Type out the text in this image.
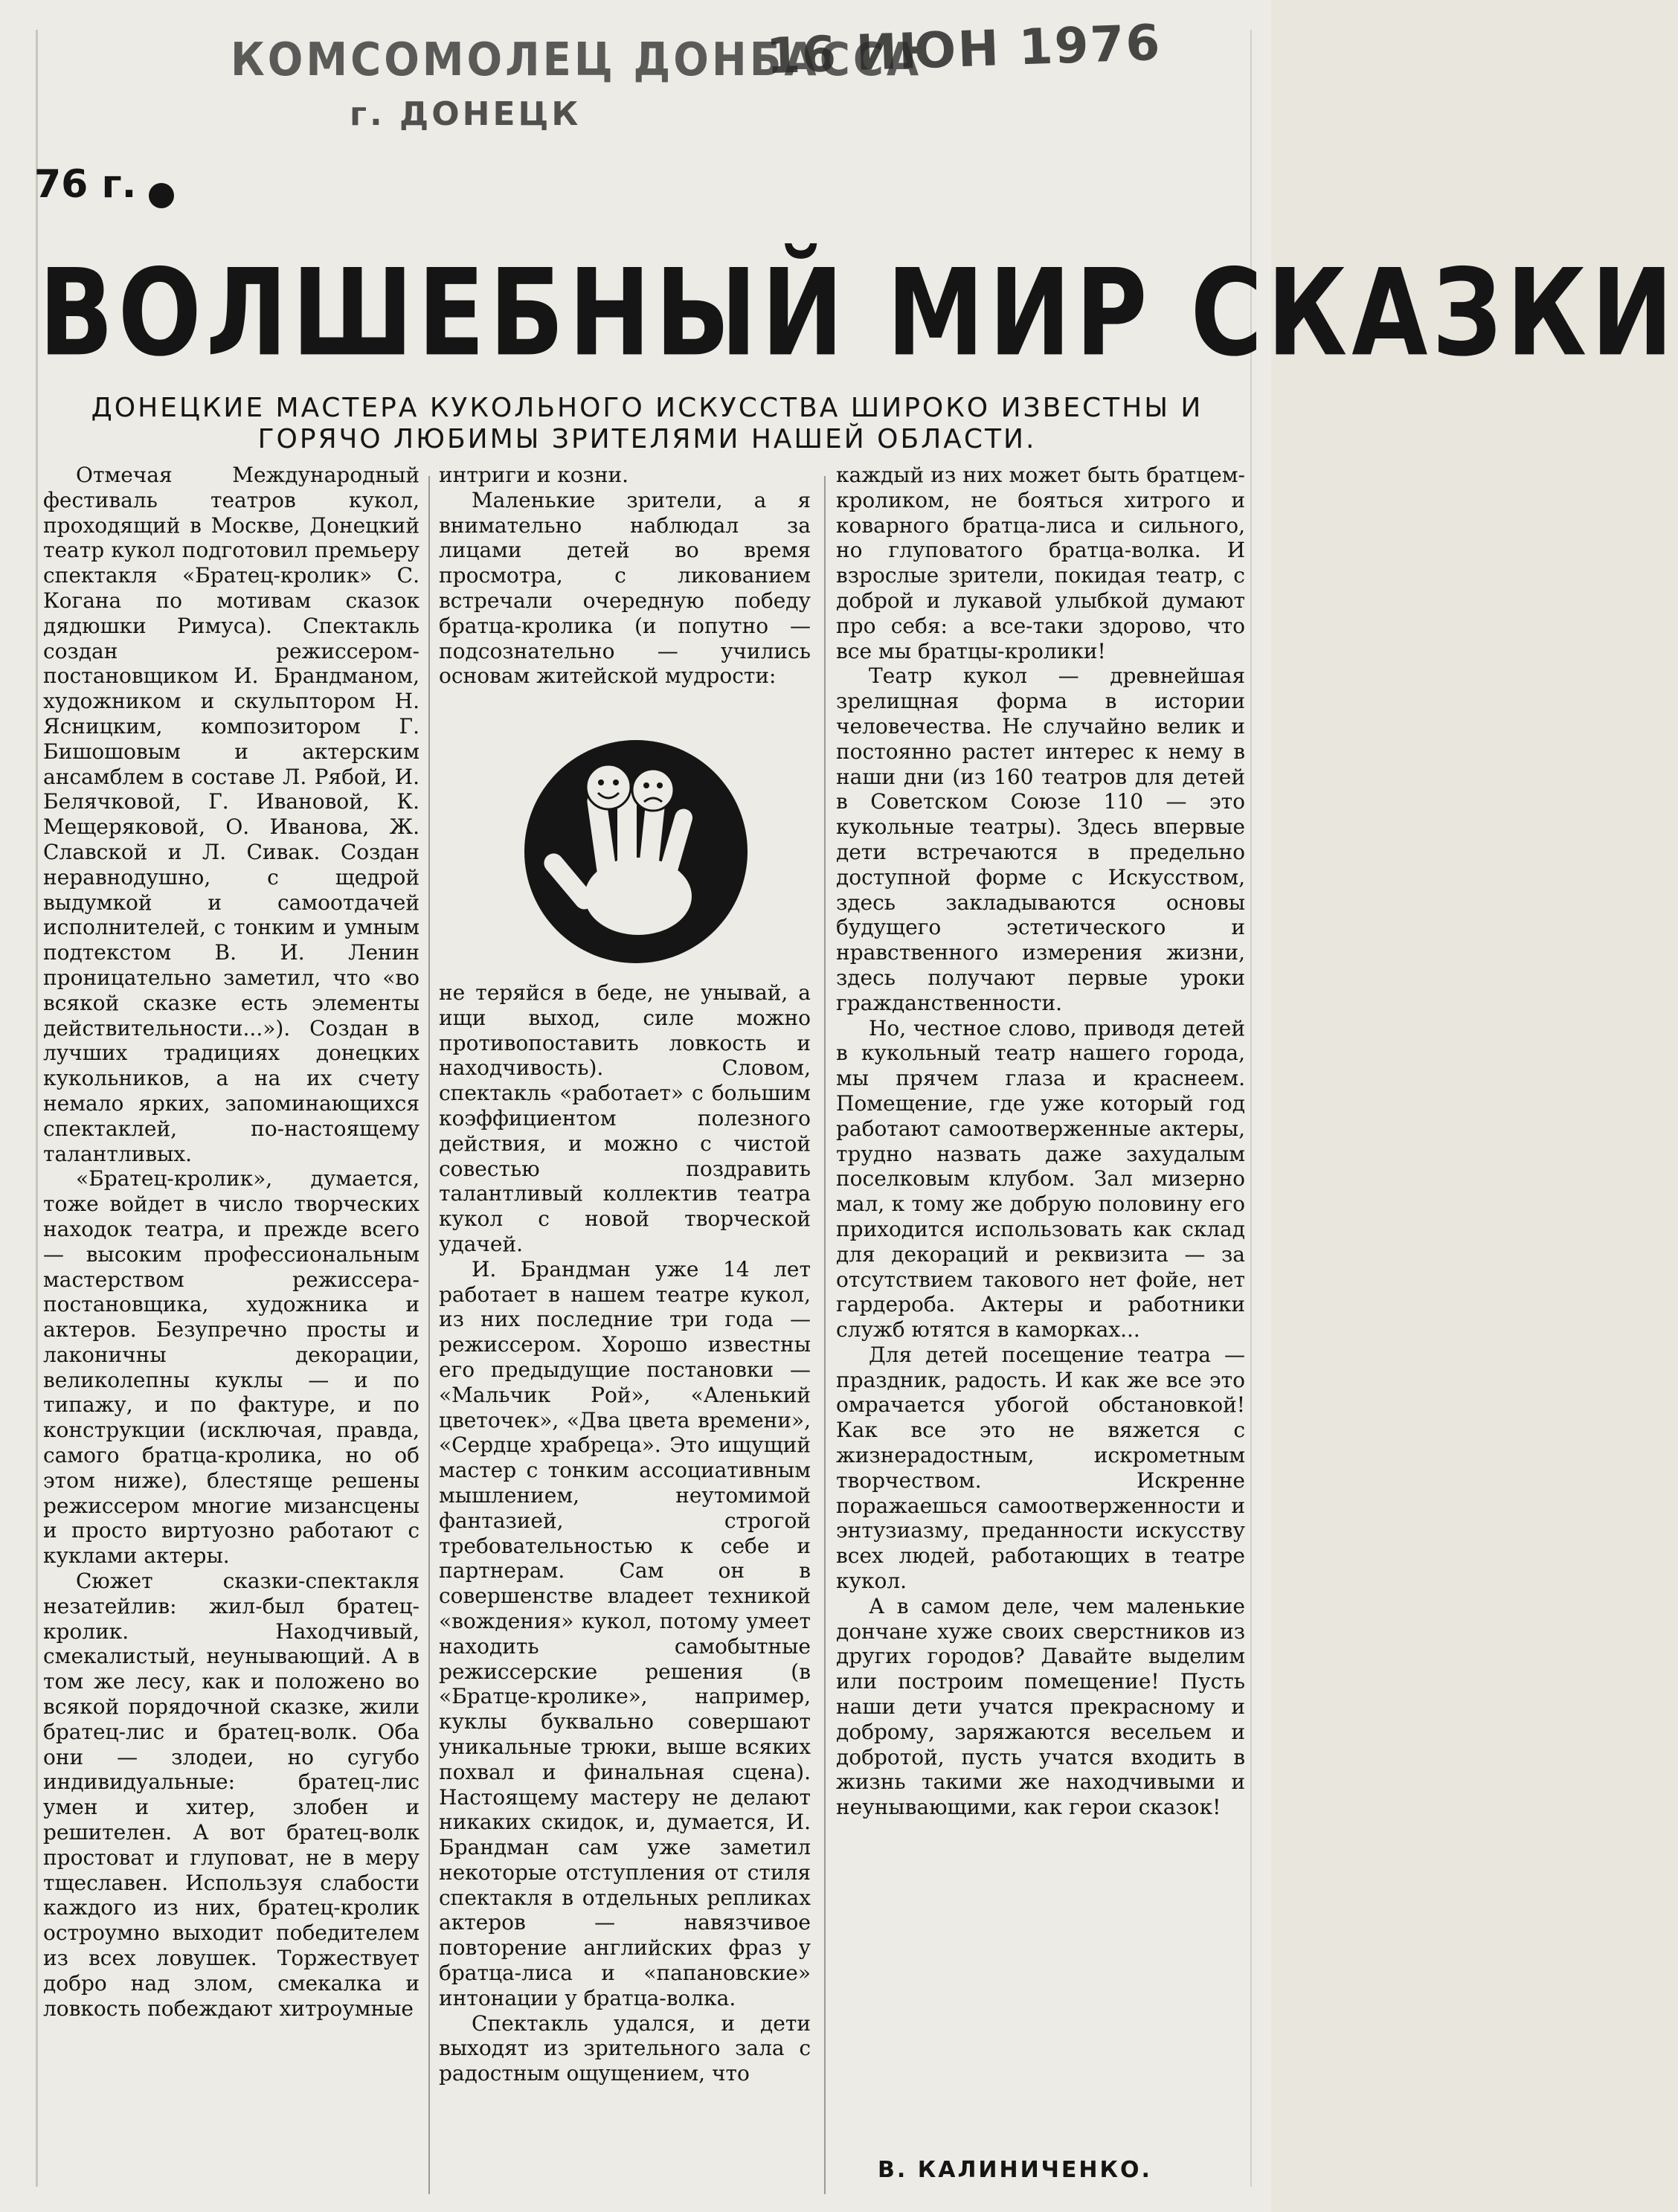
КОМСОМОЛЕЦ ДОНБАССА
г. ДОНЕЦК
16 ИЮН 1976
76 г.
ВОЛШЕБНЫЙ МИР СКАЗКИ
ДОНЕЦКИЕ МАСТЕРА КУКОЛЬНОГО ИСКУССТВА ШИРОКО ИЗВЕСТНЫ И
ГОРЯЧО ЛЮБИМЫ ЗРИТЕЛЯМИ НАШЕЙ ОБЛАСТИ.

Отмечая Международный фестиваль театров кукол, проходящий в Москве, Донецкий театр кукол подготовил премьеру спектакля «Братец-кролик» С. Когана по мотивам сказок дядюшки Римуса). Спектакль создан режиссером-постановщиком И. Брандманом, художником и скульптором Н. Ясницким, композитором Г. Бишошовым и актерским ансамблем в составе Л. Рябой, И. Белячковой, Г. Ивановой, К. Мещеряковой, О. Иванова, Ж. Славской и Л. Сивак. Создан неравнодушно, с щедрой выдумкой и самоотдачей исполнителей, с тонким и умным подтекстом В. И. Ленин проницательно заметил, что «во всякой сказке есть элементы действительности...»). Создан в лучших традициях донецких кукольников, а на их счету немало ярких, запоминающихся спектаклей, по-настоящему талантливых.

«Братец-кролик», думается, тоже войдет в число творческих находок театра, и прежде всего — высоким профессиональным мастерством режиссера-постановщика, художника и актеров. Безупречно просты и лаконичны декорации, великолепны куклы — и по типажу, и по фактуре, и по конструкции (исключая, правда, самого братца-кролика, но об этом ниже), блестяще решены режиссером многие мизансцены и просто виртуозно работают с куклами актеры.

Сюжет сказки-спектакля незатейлив: жил-был братец-кролик. Находчивый, смекалистый, неунывающий. А в том же лесу, как и положено во всякой порядочной сказке, жили братец-лис и братец-волк. Оба они — злодеи, но сугубо индивидуальные: братец-лис умен и хитер, злобен и решителен. А вот братец-волк простоват и глуповат, не в меру тщеславен. Используя слабости каждого из них, братец-кролик остроумно выходит победителем из всех ловушек. Торжествует добро над злом, смекалка и ловкость побеждают хитроумные

интриги и козни.

Маленькие зрители, а я внимательно наблюдал за лицами детей во время просмотра, с ликованием встречали очередную победу братца-кролика (и попутно — подсознательно — учились основам житейской мудрости:

не теряйся в беде, не унывай, а ищи выход, силе можно противопоставить ловкость и находчивость). Словом, спектакль «работает» с большим коэффициентом полезного действия, и можно с чистой совестью поздравить талантливый коллектив театра кукол с новой творческой удачей.

И. Брандман уже 14 лет работает в нашем театре кукол, из них последние три года — режиссером. Хорошо известны его предыдущие постановки — «Мальчик Рой», «Аленький цветочек», «Два цвета времени», «Сердце храбреца». Это ищущий мастер с тонким ассоциативным мышлением, неутомимой фантазией, строгой требовательностью к себе и партнерам. Сам он в совершенстве владеет техникой «вождения» кукол, потому умеет находить самобытные режиссерские решения (в «Братце-кролике», например, куклы буквально совершают уникальные трюки, выше всяких похвал и финальная сцена). Настоящему мастеру не делают никаких скидок, и, думается, И. Брандман сам уже заметил некоторые отступления от стиля спектакля в отдельных репликах актеров — навязчивое повторение английских фраз у братца-лиса и «папановские» интонации у братца-волка.

Спектакль удался, и дети выходят из зрительного зала с радостным ощущением, что

каждый из них может быть братцем-кроликом, не бояться хитрого и коварного братца-лиса и сильного, но глуповатого братца-волка. И взрослые зрители, покидая театр, с доброй и лукавой улыбкой думают про себя: а все-таки здорово, что все мы братцы-кролики!

Театр кукол — древнейшая зрелищная форма в истории человечества. Не случайно велик и постоянно растет интерес к нему в наши дни (из 160 театров для детей в Советском Союзе 110 — это кукольные театры). Здесь впервые дети встречаются в предельно доступной форме с Искусством, здесь закладываются основы будущего эстетического и нравственного измерения жизни, здесь получают первые уроки гражданственности.

Но, честное слово, приводя детей в кукольный театр нашего города, мы прячем глаза и краснеем. Помещение, где уже который год работают самоотверженные актеры, трудно назвать даже захудалым поселковым клубом. Зал мизерно мал, к тому же добрую половину его приходится использовать как склад для декораций и реквизита — за отсутствием такового нет фойе, нет гардероба. Актеры и работники служб ютятся в каморках...

Для детей посещение театра — праздник, радость. И как же все это омрачается убогой обстановкой! Как все это не вяжется с жизнерадостным, искрометным творчеством. Искренне поражаешься самоотверженности и энтузиазму, преданности искусству всех людей, работающих в театре кукол.

А в самом деле, чем маленькие дончане хуже своих сверстников из других городов? Давайте выделим или построим помещение! Пусть наши дети учатся прекрасному и доброму, заряжаются весельем и добротой, пусть учатся входить в жизнь такими же находчивыми и неунывающими, как герои сказок!

В. КАЛИНИЧЕНКО.
